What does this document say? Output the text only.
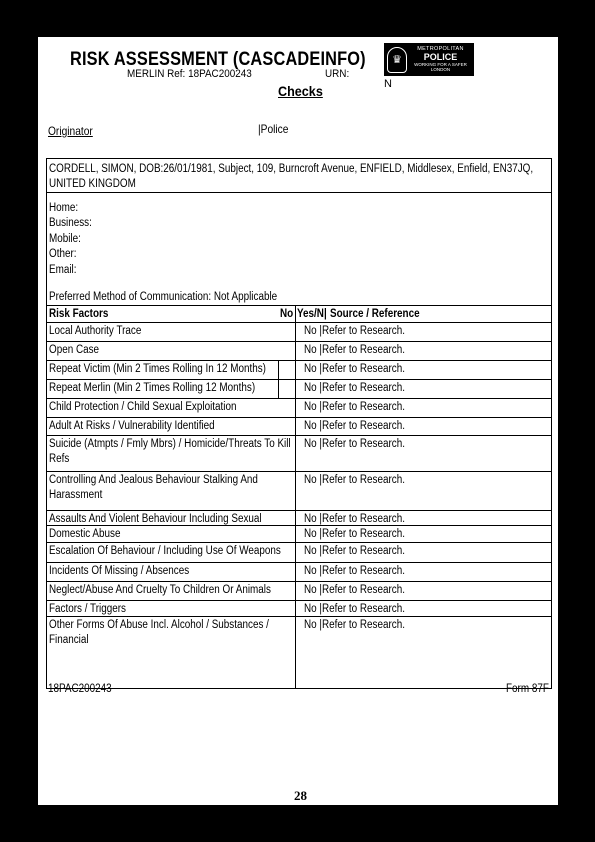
RISK ASSESSMENT (CASCADEINFO)
MERLIN Ref: 18PAC200243	URN:
N
Checks
♛
METROPOLITAN
POLICE
WORKING FOR A SAFER LONDON
Originator	|Police
CORDELL, SIMON, DOB:26/01/1981, Subject, 109, Burncroft Avenue, ENFIELD, Middlesex, Enfield, EN37JQ,
UNITED KINGDOM
Home:
Business:
Mobile:
Other:
Email:
Preferred Method of Communication: Not Applicable
Risk Factors	No Yes/N| Source / Reference
Local Authority Trace	No |Refer to Research.
Open Case	No |Refer to Research.
Repeat Victim (Min 2 Times Rolling In 12 Months)	No |Refer to Research.
Repeat Merlin (Min 2 Times Rolling 12 Months)	No |Refer to Research.
Child Protection / Child Sexual Exploitation	No |Refer to Research.
Adult At Risks / Vulnerability Identified	No |Refer to Research.
Suicide (Atmpts / Fmly Mbrs) / Homicide/Threats To Kill
Refs
No |Refer to Research.
Controlling And Jealous Behaviour Stalking And
Harassment
No |Refer to Research.
Assaults And Violent Behaviour Including Sexual	No |Refer to Research.
Domestic Abuse	No |Refer to Research.
Escalation Of Behaviour / Including Use Of Weapons No |Refer to Research.
Incidents Of Missing / Absences	No |Refer to Research.
Neglect/Abuse And Cruelty To Children Or Animals	No |Refer to Research.
Factors / Triggers	No |Refer to Research.
Other Forms Of Abuse Incl. Alcohol / Substances /
Financial
No |Refer to Research.
18PAC200243	Form 87F
28
